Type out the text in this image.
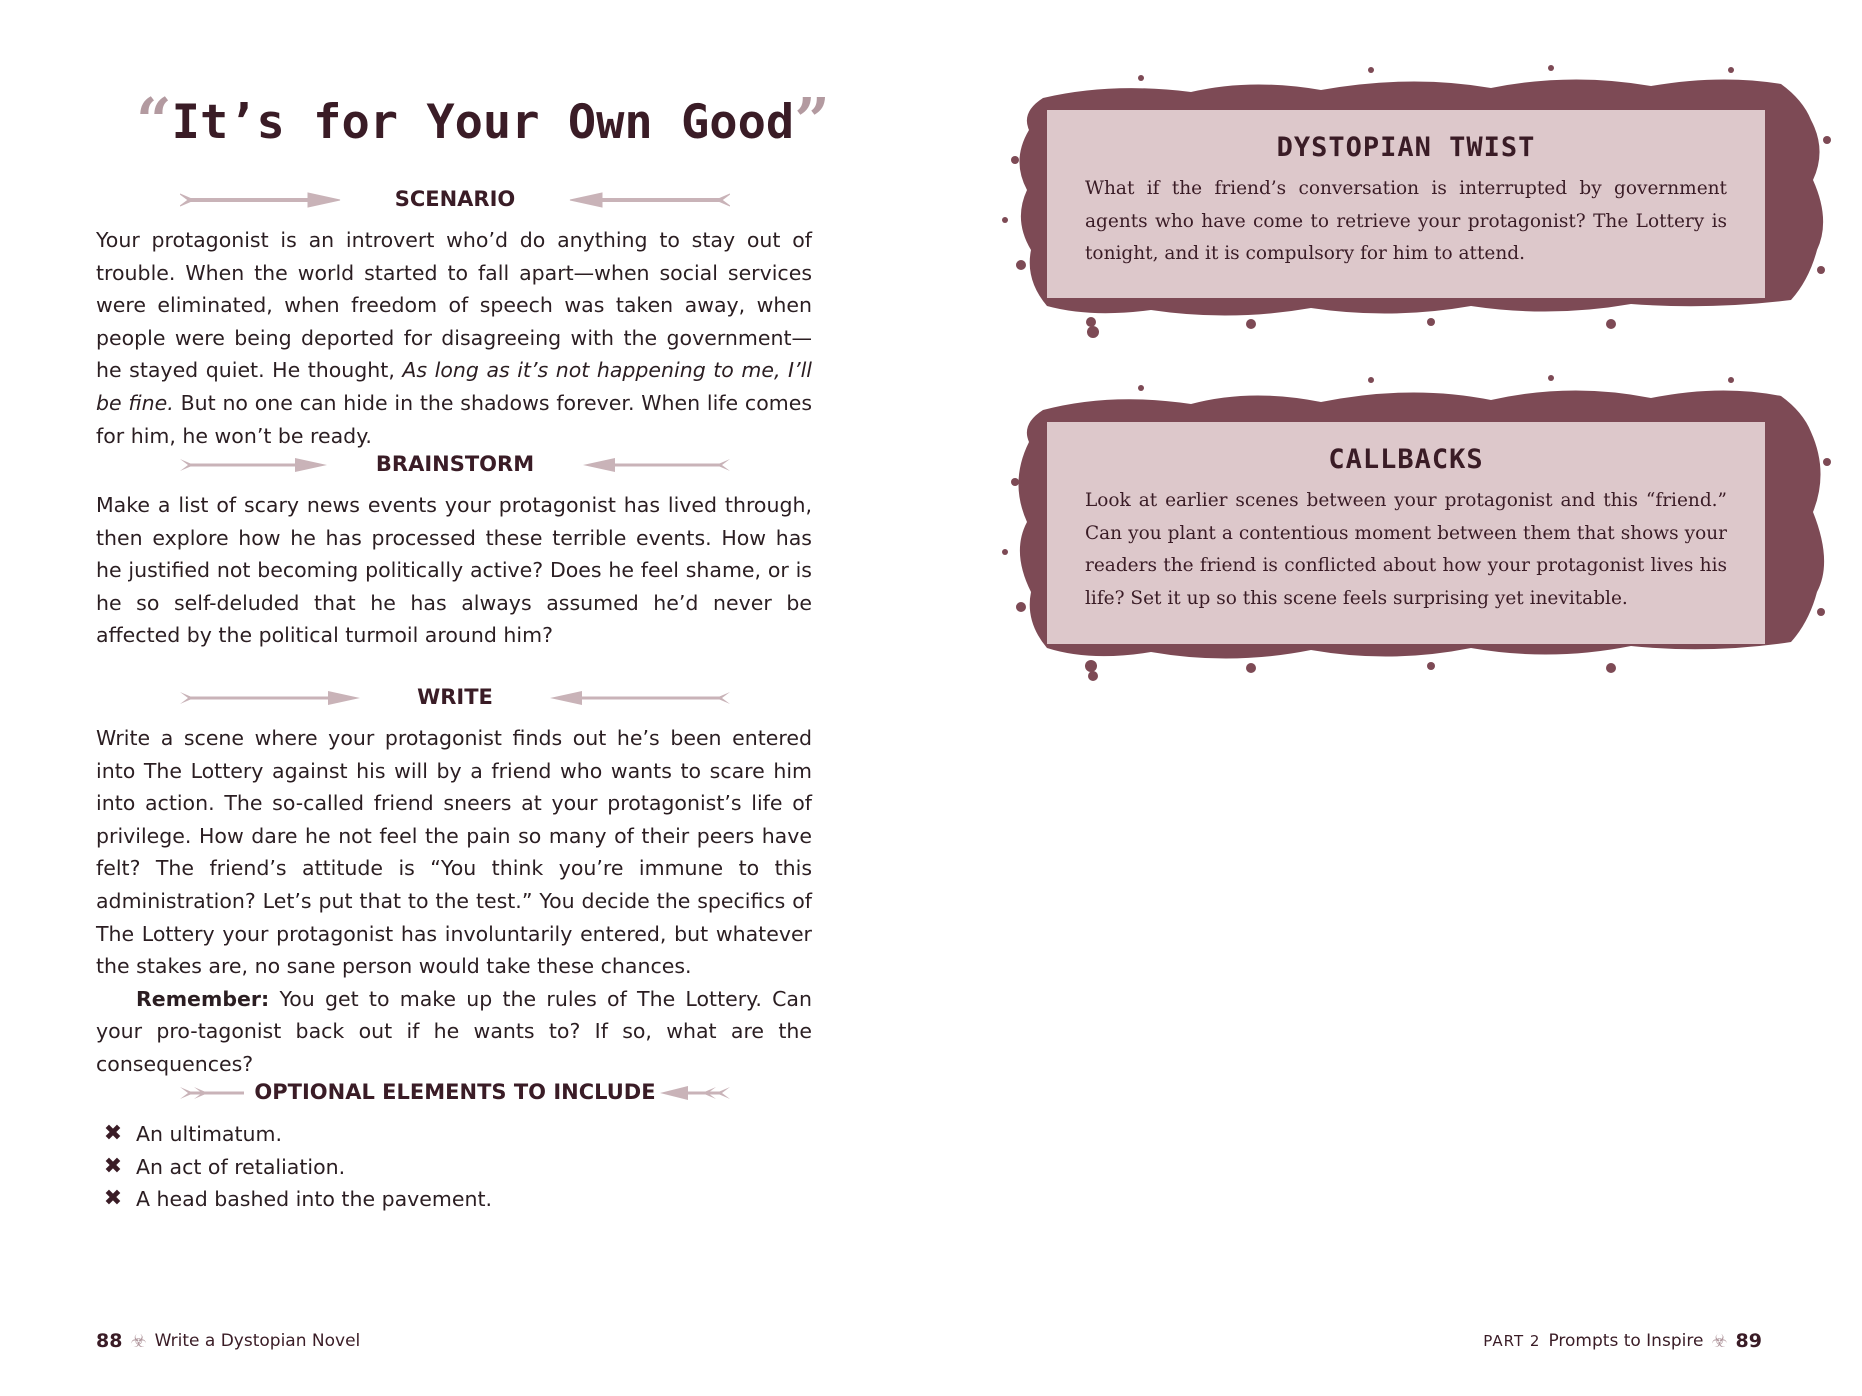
“It’s for Your Own Good”
SCENARIO
Your protagonist is an introvert who’d do anything to stay out of trouble. When the world started to fall apart—when social services were eliminated, when freedom of speech was taken away, when people were being deported for disagreeing with the government—he stayed quiet. He thought, As long as it’s not happening to me, I’ll be fine. But no one can hide in the shadows forever. When life comes for him, he won’t be ready.
BRAINSTORM
Make a list of scary news events your protagonist has lived through, then explore how he has processed these terrible events. How has he justified not becoming politically active? Does he feel shame, or is he so self-deluded that he has always assumed he’d never be affected by the political turmoil around him?
WRITE
Write a scene where your protagonist finds out he’s been entered into The Lottery against his will by a friend who wants to scare him into action. The so-called friend sneers at your protagonist’s life of privilege. How dare he not feel the pain so many of their peers have felt? The friend’s attitude is “You think you’re immune to this administration? Let’s put that to the test.” You decide the specifics of The Lottery your protagonist has involuntarily entered, but whatever the stakes are, no sane person would take these chances.
Remember: You get to make up the rules of The Lottery. Can your pro-tagonist back out if he wants to? If so, what are the consequences?
OPTIONAL ELEMENTS TO INCLUDE
✖ An ultimatum.
✖ An act of retaliation.
✖ A head bashed into the pavement.
88 ☣ Write a Dystopian Novel
DYSTOPIAN TWIST
What if the friend’s conversation is interrupted by government agents who have come to retrieve your protagonist? The Lottery is tonight, and it is compulsory for him to attend.
CALLBACKS
Look at earlier scenes between your protagonist and this “friend.” Can you plant a contentious moment between them that shows your readers the friend is conflicted about how your protagonist lives his life? Set it up so this scene feels surprising yet inevitable.
PART 2 Prompts to Inspire ☣ 89
